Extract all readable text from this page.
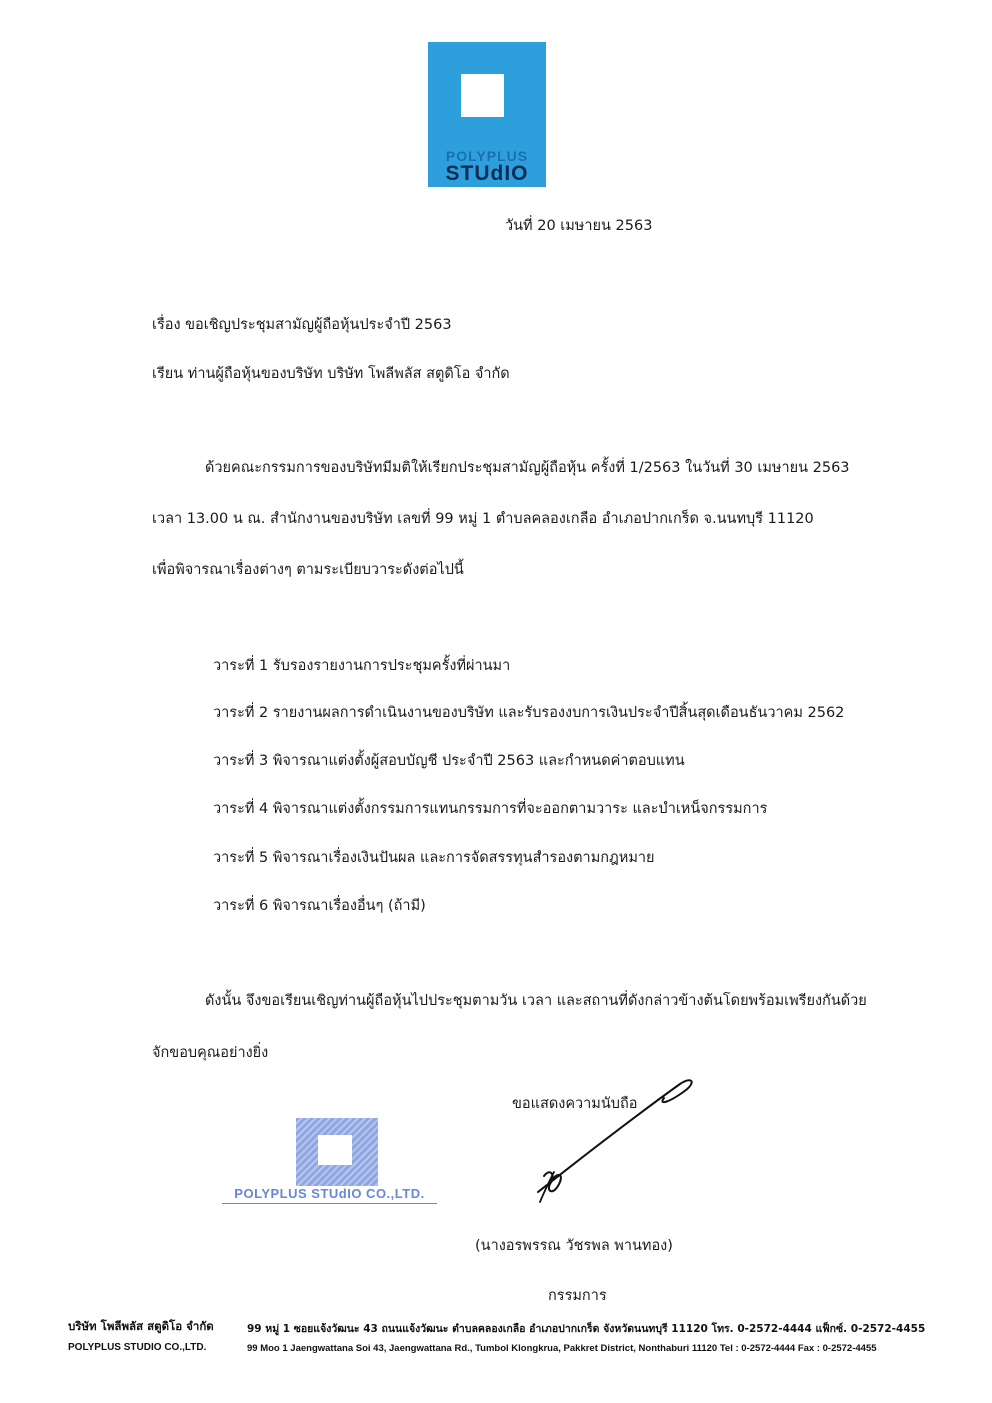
POLYPLUS
STUdIO
วันที่ 20 เมษายน 2563
เรื่อง ขอเชิญประชุมสามัญผู้ถือหุ้นประจำปี 2563
เรียน ท่านผู้ถือหุ้นของบริษัท บริษัท โพลีพลัส สตูดิโอ จำกัด
ด้วยคณะกรรมการของบริษัทมีมติให้เรียกประชุมสามัญผู้ถือหุ้น ครั้งที่ 1/2563 ในวันที่ 30 เมษายน 2563
เวลา 13.00 น ณ. สำนักงานของบริษัท เลขที่ 99 หมู่ 1 ตำบลคลองเกลือ อำเภอปากเกร็ด จ.นนทบุรี 11120
เพื่อพิจารณาเรื่องต่างๆ ตามระเบียบวาระดังต่อไปนี้
วาระที่ 1 รับรองรายงานการประชุมครั้งที่ผ่านมา
วาระที่ 2 รายงานผลการดำเนินงานของบริษัท และรับรองงบการเงินประจำปีสิ้นสุดเดือนธันวาคม 2562
วาระที่ 3 พิจารณาแต่งตั้งผู้สอบบัญชี ประจำปี 2563 และกำหนดค่าตอบแทน
วาระที่ 4 พิจารณาแต่งตั้งกรรมการแทนกรรมการที่จะออกตามวาระ และบำเหน็จกรรมการ
วาระที่ 5 พิจารณาเรื่องเงินปันผล และการจัดสรรทุนสำรองตามกฎหมาย
วาระที่ 6 พิจารณาเรื่องอื่นๆ (ถ้ามี)
ดังนั้น จึงขอเรียนเชิญท่านผู้ถือหุ้นไปประชุมตามวัน เวลา และสถานที่ดังกล่าวข้างต้นโดยพร้อมเพรียงกันด้วย
จักขอบคุณอย่างยิ่ง
ขอแสดงความนับถือ
POLYPLUS STUdIO CO.,LTD.
(นางอรพรรณ วัชรพล พานทอง)
กรรมการ
บริษัท โพลีพลัส สตูดิโอ จำกัด	99 หมู่ 1 ซอยแจ้งวัฒนะ 43 ถนนแจ้งวัฒนะ ตำบลคลองเกลือ อำเภอปากเกร็ด จังหวัดนนทบุรี 11120 โทร. 0-2572-4444 แฟ็กซ์. 0-2572-4455
POLYPLUS STUDIO CO.,LTD.	99 Moo 1 Jaengwattana Soi 43, Jaengwattana Rd., Tumbol Klongkrua, Pakkret District, Nonthaburi 11120 Tel : 0-2572-4444 Fax : 0-2572-4455
